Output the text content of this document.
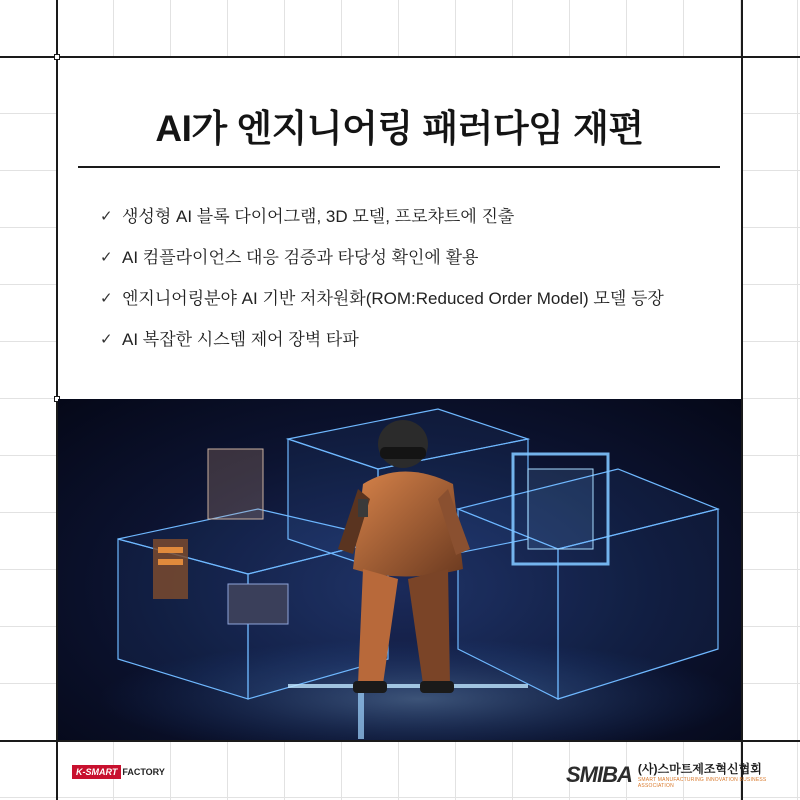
AI가 엔지니어링 패러다임 재편
✓ 생성형 AI 블록 다이어그램, 3D 모델, 프로챠트에 진출
✓ AI 컴플라이언스 대응 검증과 타당성 확인에 활용
✓ 엔지니어링분야 AI 기반 저차원화(ROM:Reduced Order Model) 모델 등장
✓ AI 복잡한 시스템 제어 장벽 타파
K-SMART FACTORY	SMIBA (사)스마트제조혁신협회
SMART MANUFACTURING INNOVATION BUSINESS ASSOCIATION
